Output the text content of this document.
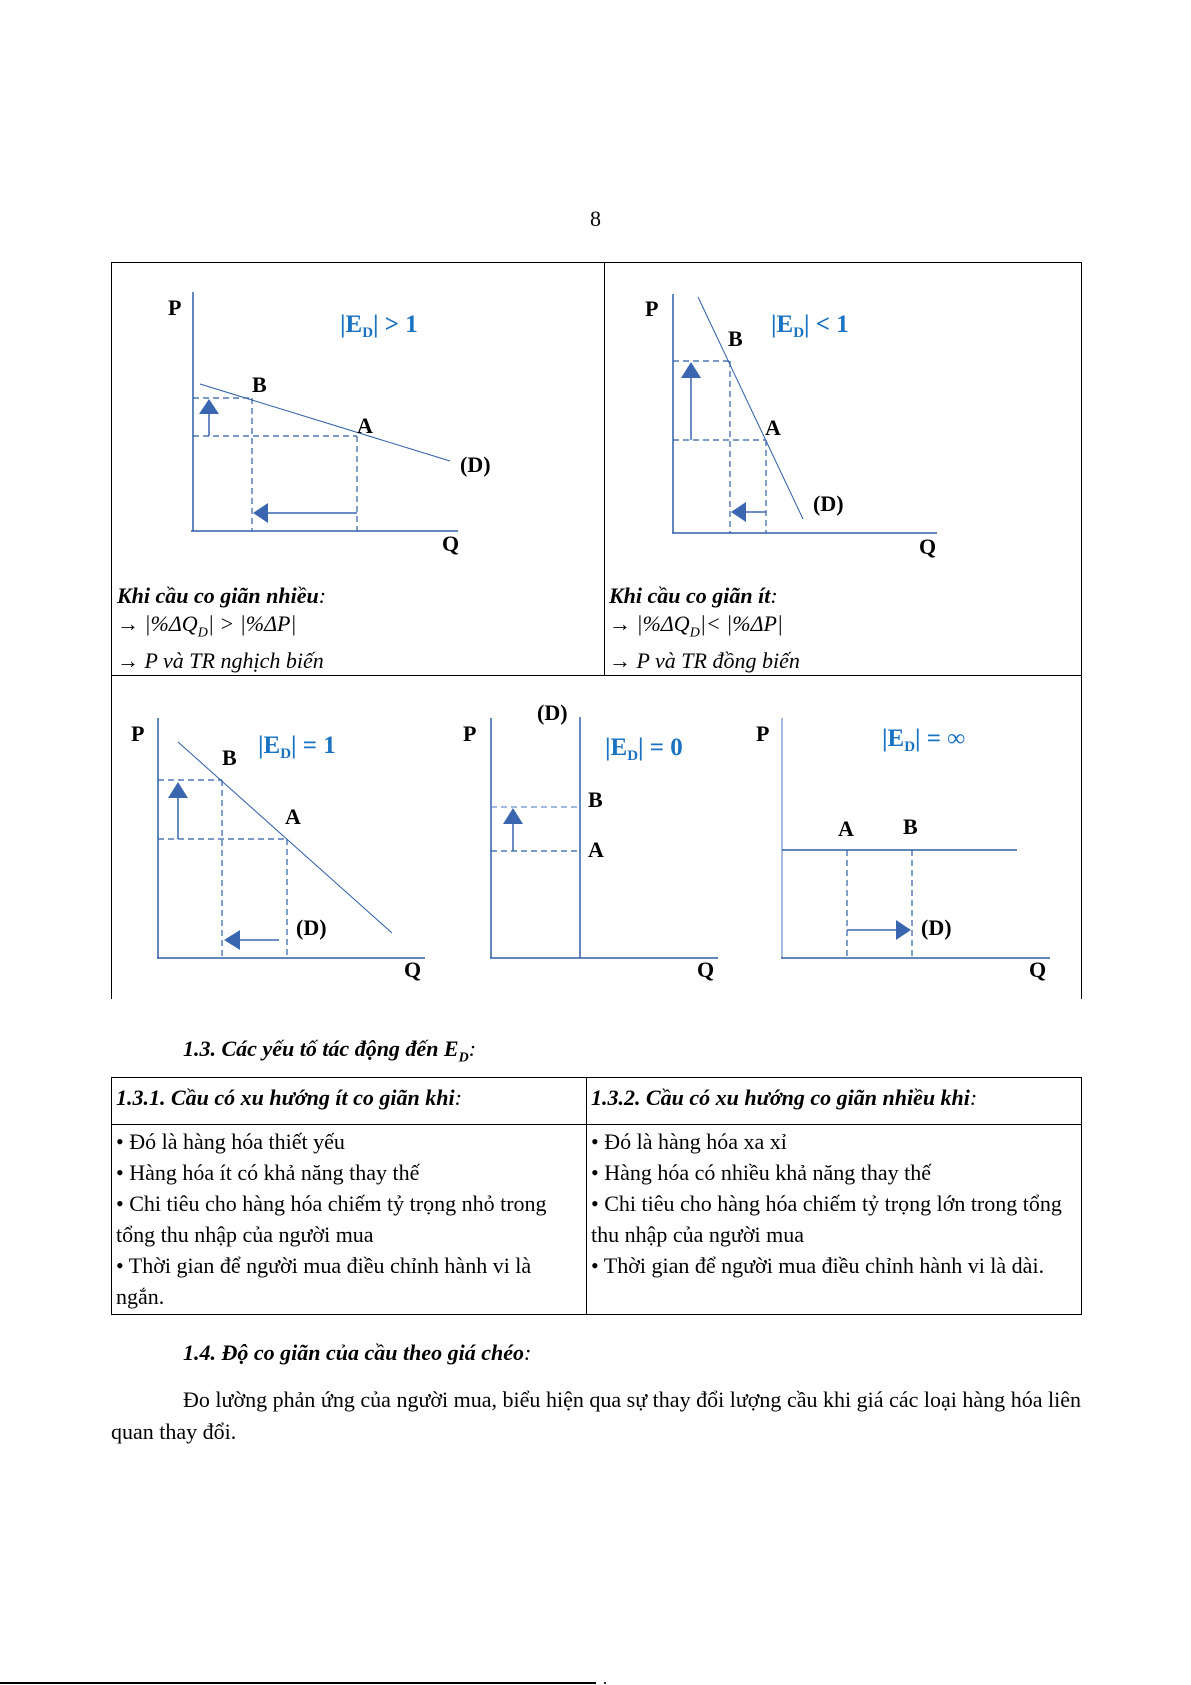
8
P
Q
B
A
(D)
$|E_D| > 1$
P
Q
B
A
(D)
$|E_D| < 1$
P
Q
B
A
(D)
$|E_D| = 1$	P
Q
B
A
(D)
$|E_D| = 0$
P
Q
A B
(D)
$|E_D|$ = ∞
Khi cầu co giãn nhiều:
→ $|\%\Delta Q_D| > |\%\Delta P|$
→ P và TR nghịch biến
Khi cầu co giãn ít:
→ $|\%\Delta Q_D|< |\%\Delta P|$
→ P và TR đồng biến
1.3. Các yếu tố tác động đến $E_D$:
1.3.1. Cầu có xu hướng ít co giãn khi:	1.3.2. Cầu có xu hướng co giãn nhiều khi:

• Đó là hàng hóa thiết yếu
• Hàng hóa ít có khả năng thay thế
• Chi tiêu cho hàng hóa chiếm tỷ trọng nhỏ trong tổng thu nhập của người mua
• Thời gian để người mua điều chỉnh hành vi là ngắn.

• Đó là hàng hóa xa xỉ
• Hàng hóa có nhiều khả năng thay thế
• Chi tiêu cho hàng hóa chiếm tỷ trọng lớn trong tổng thu nhập của người mua
• Thời gian để người mua điều chỉnh hành vi là dài.
1.4. Độ co giãn của cầu theo giá chéo:
Đo lường phản ứng của người mua, biểu hiện qua sự thay đổi lượng cầu khi giá các loại hàng hóa liên quan thay đổi.
